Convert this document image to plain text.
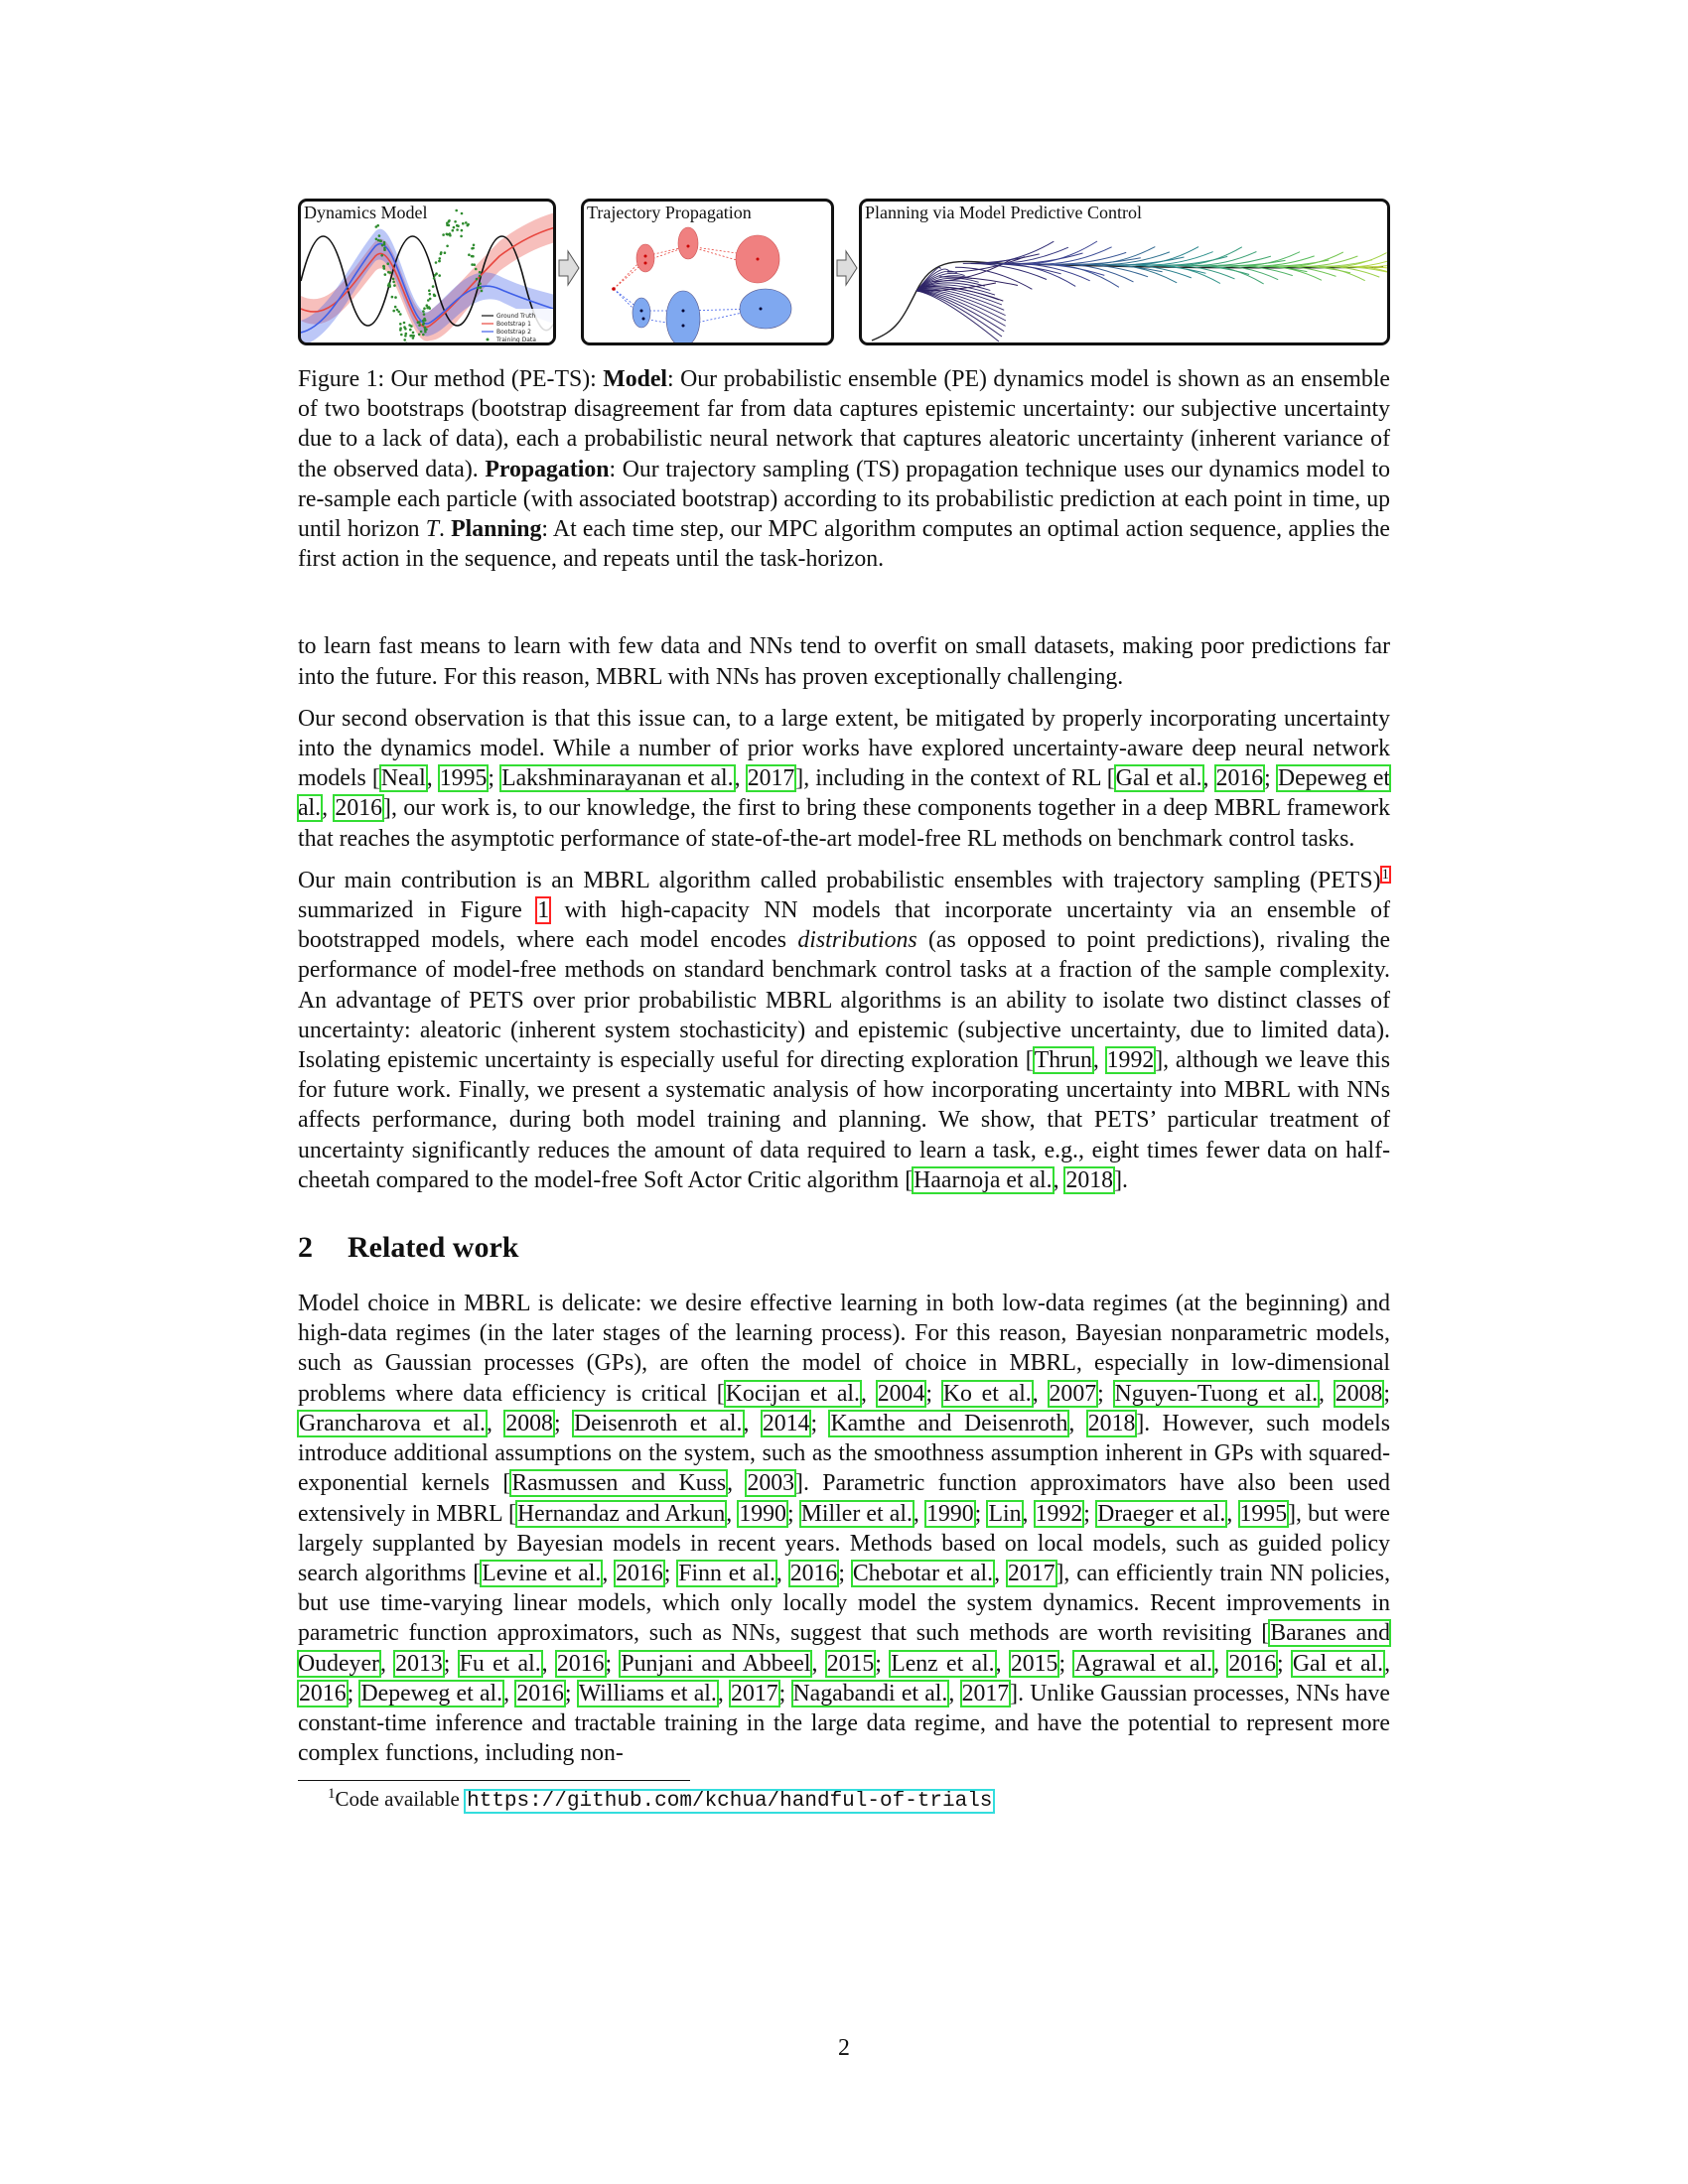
Ground Truth
Bootstrap 1
Bootstrap 2
Training Data
Dynamics Model	Trajectory Propagation	Planning via Model Predictive Control
Figure 1: Our method (PE-TS): Model: Our probabilistic ensemble (PE) dynamics model is shown as an ensemble of two bootstraps (bootstrap disagreement far from data captures epistemic uncertainty: our subjective uncertainty due to a lack of data), each a probabilistic neural network that captures aleatoric uncertainty (inherent variance of the observed data). Propagation: Our trajectory sampling (TS) propagation technique uses our dynamics model to re-sample each particle (with associated bootstrap) according to its probabilistic prediction at each point in time, up until horizon T. Planning: At each time step, our MPC algorithm computes an optimal action sequence, applies the first action in the sequence, and repeats until the task-horizon.

to learn fast means to learn with few data and NNs tend to overfit on small datasets, making poor predictions far into the future. For this reason, MBRL with NNs has proven exceptionally challenging.

Our second observation is that this issue can, to a large extent, be mitigated by properly incorporating uncertainty into the dynamics model. While a number of prior works have explored uncertainty-aware deep neural network models [Neal, 1995; Lakshminarayanan et al., 2017], including in the context of RL [Gal et al., 2016; Depeweg et al., 2016], our work is, to our knowledge, the first to bring these components together in a deep MBRL framework that reaches the asymptotic performance of state-of-the-art model-free RL methods on benchmark control tasks.

Our main contribution is an MBRL algorithm called probabilistic ensembles with trajectory sampling (PETS)$^1$ summarized in Figure 1 with high-capacity NN models that incorporate uncertainty via an ensemble of bootstrapped models, where each model encodes distributions (as opposed to point predictions), rivaling the performance of model-free methods on standard benchmark control tasks at a fraction of the sample complexity. An advantage of PETS over prior probabilistic MBRL algorithms is an ability to isolate two distinct classes of uncertainty: aleatoric (inherent system stochasticity) and epistemic (subjective uncertainty, due to limited data). Isolating epistemic uncertainty is especially useful for directing exploration [Thrun, 1992], although we leave this for future work. Finally, we present a systematic analysis of how incorporating uncertainty into MBRL with NNs affects performance, during both model training and planning. We show, that PETS’ particular treatment of uncertainty significantly reduces the amount of data required to learn a task, e.g., eight times fewer data on half-cheetah compared to the model-free Soft Actor Critic algorithm [Haarnoja et al., 2018].

2 Related work

Model choice in MBRL is delicate: we desire effective learning in both low-data regimes (at the beginning) and high-data regimes (in the later stages of the learning process). For this reason, Bayesian nonparametric models, such as Gaussian processes (GPs), are often the model of choice in MBRL, especially in low-dimensional problems where data efficiency is critical [Kocijan et al., 2004; Ko et al., 2007; Nguyen-Tuong et al., 2008; Grancharova et al., 2008; Deisenroth et al., 2014; Kamthe and Deisenroth, 2018]. However, such models introduce additional assumptions on the system, such as the smoothness assumption inherent in GPs with squared-exponential kernels [Rasmussen and Kuss, 2003]. Parametric function approximators have also been used extensively in MBRL [Hernandaz and Arkun, 1990; Miller et al., 1990; Lin, 1992; Draeger et al., 1995], but were largely supplanted by Bayesian models in recent years. Methods based on local models, such as guided policy search algorithms [Levine et al., 2016; Finn et al., 2016; Chebotar et al., 2017], can efficiently train NN policies, but use time-varying linear models, which only locally model the system dynamics. Recent improvements in parametric function approximators, such as NNs, suggest that such methods are worth revisiting [Baranes and Oudeyer, 2013; Fu et al., 2016; Punjani and Abbeel, 2015; Lenz et al., 2015; Agrawal et al., 2016; Gal et al., 2016; Depeweg et al., 2016; Williams et al., 2017; Nagabandi et al., 2017]. Unlike Gaussian processes, NNs have constant-time inference and tractable training in the large data regime, and have the potential to represent more complex functions, including non-

$^1$Code available https://github.com/kchua/handful-of-trials
2
